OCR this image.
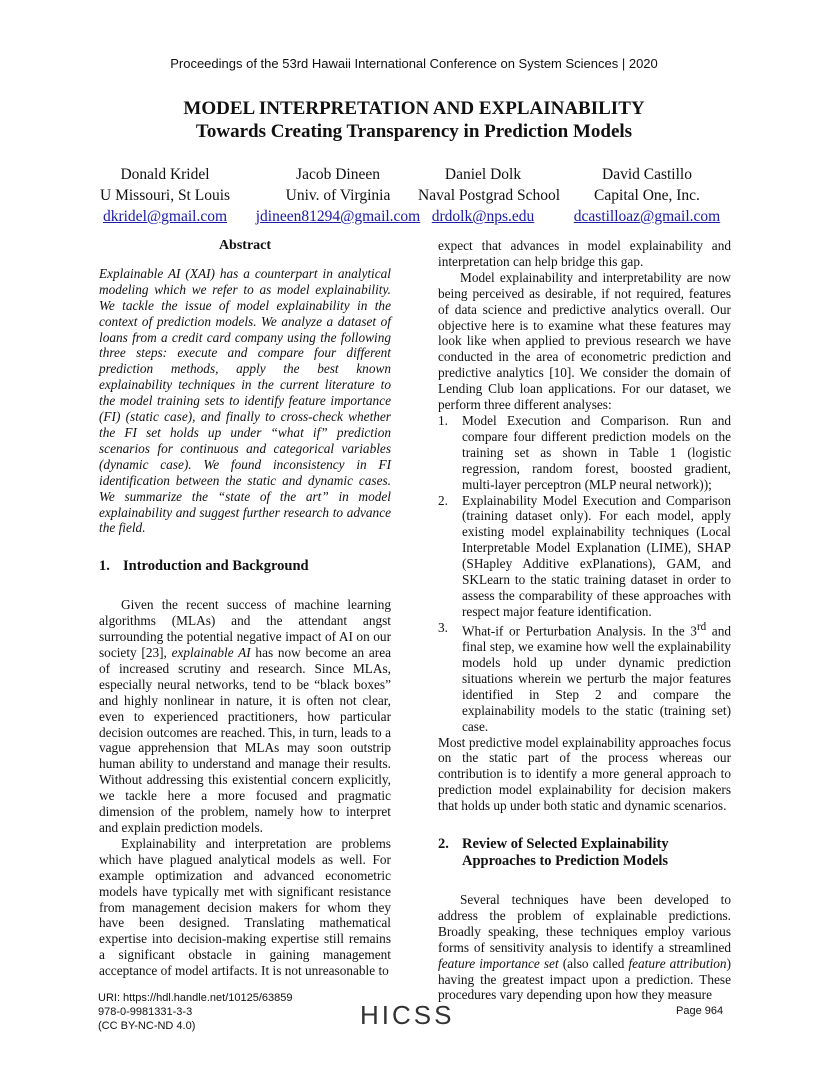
Proceedings of the 53rd Hawaii International Conference on System Sciences | 2020
MODEL INTERPRETATION AND EXPLAINABILITY
Towards Creating Transparency in Prediction Models
Donald Kridel
U Missouri, St Louis
dkridel@gmail.com
Jacob Dineen
Univ. of Virginia
jdineen81294@gmail.com
Daniel Dolk
Naval Postgrad School
drdolk@nps.edu
David Castillo
Capital One, Inc.
dcastilloaz@gmail.com
Abstract

Explainable AI (XAI) has a counterpart in analytical modeling which we refer to as model explainability. We tackle the issue of model explainability in the context of prediction models. We analyze a dataset of loans from a credit card company using the following three steps: execute and compare four different prediction methods, apply the best known explainability techniques in the current literature to the model training sets to identify feature importance (FI) (static case), and finally to cross-check whether the FI set holds up under “what if” prediction scenarios for continuous and categorical variables (dynamic case). We found inconsistency in FI identification between the static and dynamic cases. We summarize the “state of the art” in model explainability and suggest further research to advance the field.

1. Introduction and Background

Given the recent success of machine learning algorithms (MLAs) and the attendant angst surrounding the potential negative impact of AI on our society [23], explainable AI has now become an area of increased scrutiny and research. Since MLAs, especially neural networks, tend to be “black boxes” and highly nonlinear in nature, it is often not clear, even to experienced practitioners, how particular decision outcomes are reached. This, in turn, leads to a vague apprehension that MLAs may soon outstrip human ability to understand and manage their results. Without addressing this existential concern explicitly, we tackle here a more focused and pragmatic dimension of the problem, namely how to interpret and explain prediction models.

Explainability and interpretation are problems which have plagued analytical models as well. For example optimization and advanced econometric models have typically met with significant resistance from management decision makers for whom they have been designed. Translating mathematical expertise into decision-making expertise still remains a significant obstacle in gaining management acceptance of model artifacts. It is not unreasonable to

expect that advances in model explainability and interpretation can help bridge this gap.

Model explainability and interpretability are now being perceived as desirable, if not required, features of data science and predictive analytics overall. Our objective here is to examine what these features may look like when applied to previous research we have conducted in the area of econometric prediction and predictive analytics [10]. We consider the domain of Lending Club loan applications. For our dataset, we perform three different analyses:

1.	Model Execution and Comparison. Run and compare four different prediction models on the training set as shown in Table 1 (logistic regression, random forest, boosted gradient, multi-layer perceptron (MLP neural network));
2.	Explainability Model Execution and Comparison (training dataset only). For each model, apply existing model explainability techniques (Local Interpretable Model Explanation (LIME), SHAP (SHapley Additive exPlanations), GAM, and SKLearn to the static training dataset in order to assess the comparability of these approaches with respect major feature identification.
3.	What-if or Perturbation Analysis. In the 3rd and final step, we examine how well the explainability models hold up under dynamic prediction situations wherein we perturb the major features identified in Step 2 and compare the explainability models to the static (training set) case.

Most predictive model explainability approaches focus on the static part of the process whereas our contribution is to identify a more general approach to prediction model explainability for decision makers that holds up under both static and dynamic scenarios.

2. Review of Selected Explainability Approaches to Prediction Models

Several techniques have been developed to address the problem of explainable predictions. Broadly speaking, these techniques employ various forms of sensitivity analysis to identify a streamlined feature importance set (also called feature attribution) having the greatest impact upon a prediction. These procedures vary depending upon how they measure

URI: https://hdl.handle.net/10125/63859
978-0-9981331-3-3
(CC BY-NC-ND 4.0)	HICSS	Page 964
